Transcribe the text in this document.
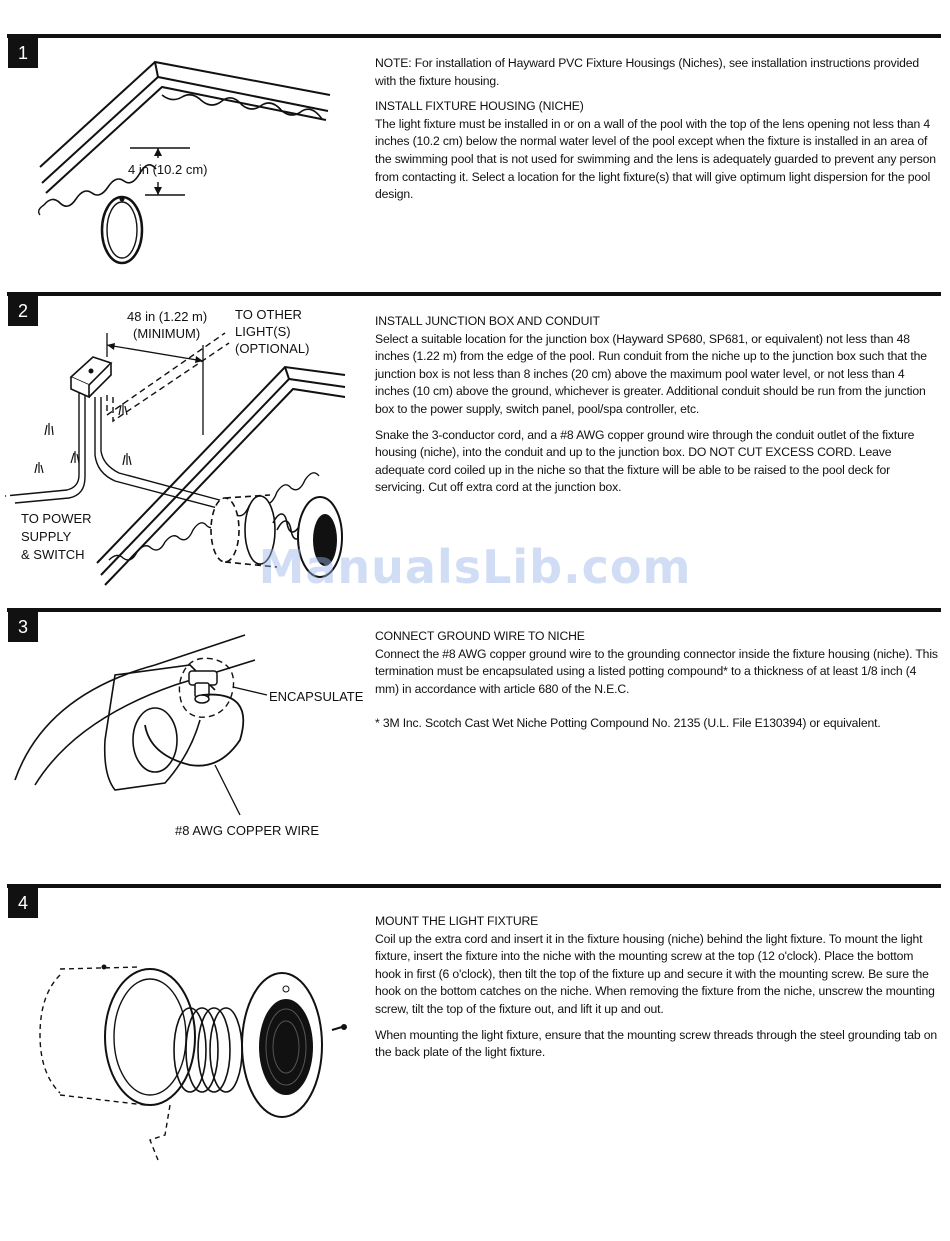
1
4 in (10.2 cm)

NOTE: For installation of Hayward PVC Fixture Housings (Niches), see installation instructions provided with the fixture housing.

INSTALL FIXTURE HOUSING (NICHE)

The light fixture must be installed in or on a wall of the pool with the top of the lens opening not less than 4 inches (10.2 cm) below the normal water level of the pool except when the fixture is installed in an area of the swimming pool that is not used for swimming and the lens is adequately guarded to prevent any person from contacting it. Select a location for the light fixture(s) that will give optimum light dispersion for the pool design.

2	48 in (1.22 m)
(MINIMUM)
TO OTHER
LIGHT(S)
(OPTIONAL)
TO POWER
SUPPLY
& SWITCH

INSTALL JUNCTION BOX AND CONDUIT

Select a suitable location for the junction box (Hayward SP680, SP681, or equivalent) not less than 48 inches (1.22 m) from the edge of the pool. Run conduit from the niche up to the junction box such that the junction box is not less than 8 inches (20 cm) above the maximum pool water level, or not less than 4 inches (10 cm) above the ground, whichever is greater. Additional conduit should be run from the junction box to the power supply, switch panel, pool/spa controller, etc.

Snake the 3-conductor cord, and a #8 AWG copper ground wire through the conduit outlet of the fixture housing (niche), into the conduit and up to the junction box. DO NOT CUT EXCESS CORD. Leave adequate cord coiled up in the niche so that the fixture will be able to be raised to the pool deck for servicing. Cut off extra cord at the junction box.

3
ENCAPSULATE
#8 AWG COPPER WIRE

CONNECT GROUND WIRE TO NICHE

Connect the #8 AWG copper ground wire to the grounding connector inside the fixture housing (niche). This termination must be encapsulated using a listed potting compound* to a thickness of at least 1/8 inch (4 mm) in accordance with article 680 of the N.E.C.

* 3M Inc. Scotch Cast Wet Niche Potting Compound No. 2135 (U.L. File E130394) or equivalent.

4

MOUNT THE LIGHT FIXTURE

Coil up the extra cord and insert it in the fixture housing (niche) behind the light fixture. To mount the light fixture, insert the fixture into the niche with the mounting screw at the top (12 o'clock). Place the bottom hook in first (6 o'clock), then tilt the top of the fixture up and secure it with the mounting screw. Be sure the hook on the bottom catches on the niche. When removing the fixture from the niche, unscrew the mounting screw, tilt the top of the fixture out, and lift it up and out.

When mounting the light fixture, ensure that the mounting screw threads through the steel grounding tab on the back plate of the light fixture.

ManualsLib.com
